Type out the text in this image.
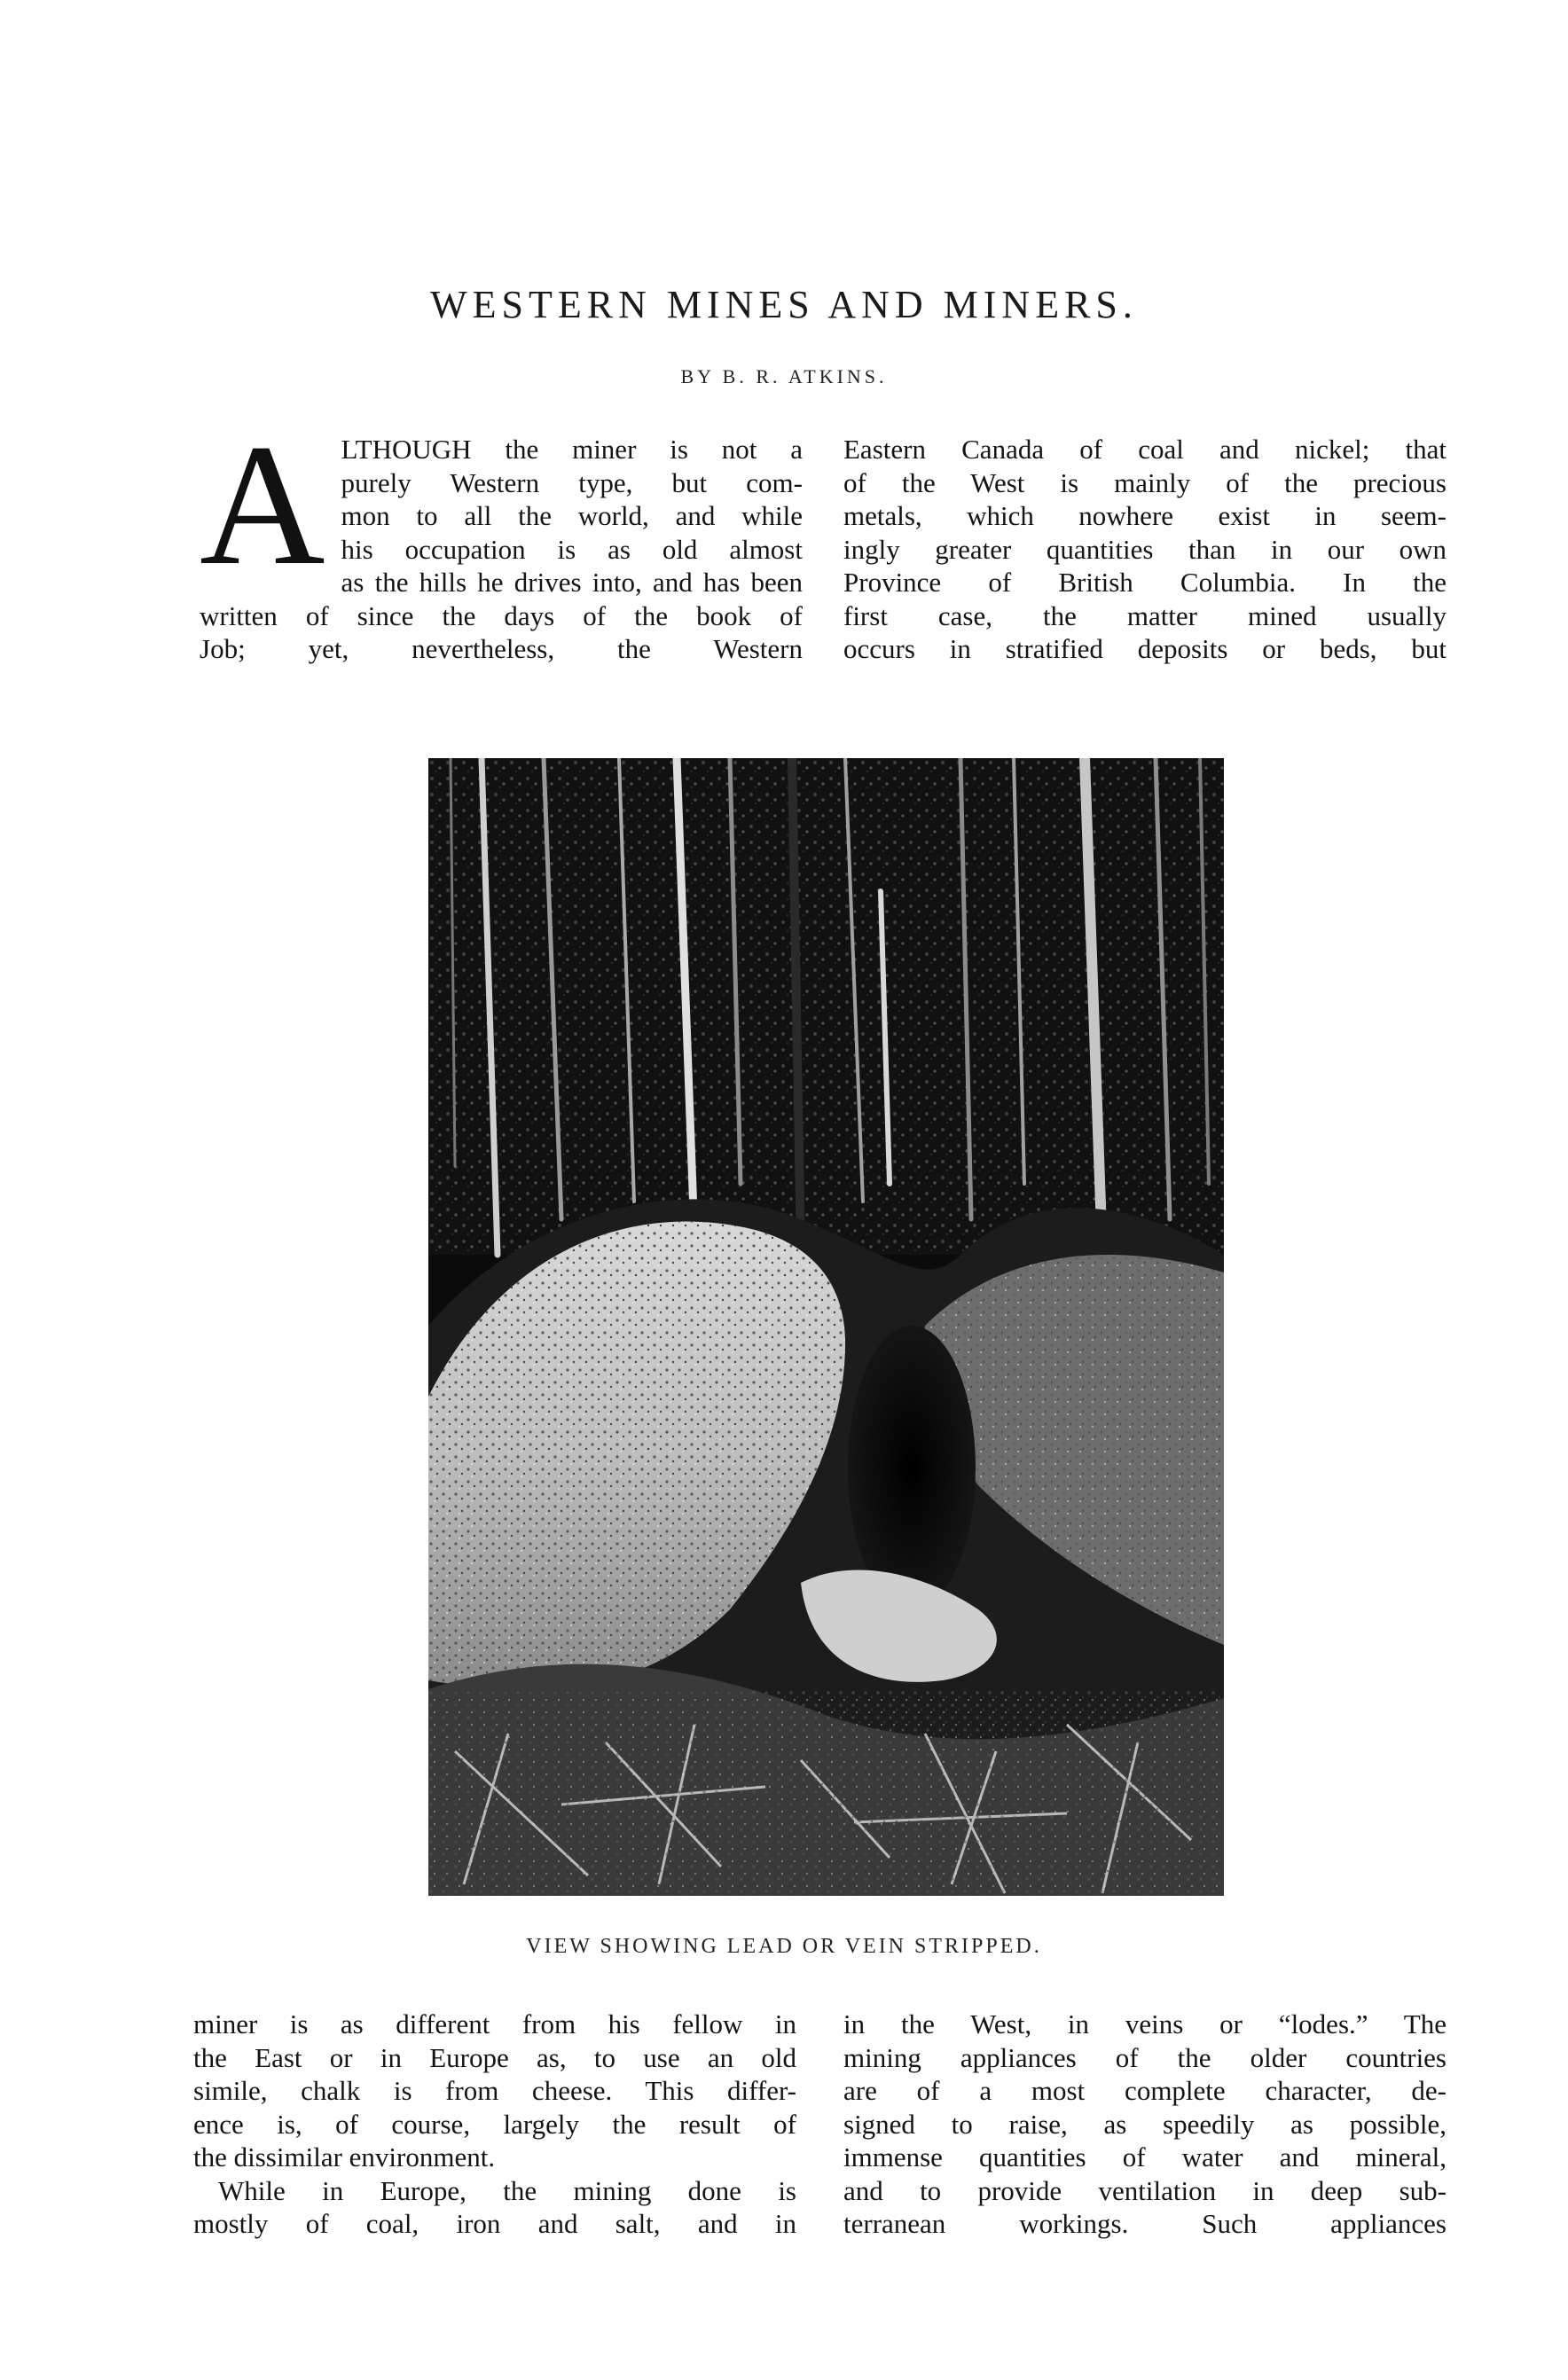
WESTERN MINES AND MINERS.
BY B. R. ATKINS.
A LTHOUGH the miner is not a
purely Western type, but com-
mon to all the world, and while
his occupation is as old almost
as the hills he drives into, and has been
written of since the days of the book of
Job; yet, nevertheless, the Western
Eastern Canada of coal and nickel; that
of the West is mainly of the precious
metals, which nowhere exist in seem-
ingly greater quantities than in our own
Province of British Columbia. In the
first case, the matter mined usually
occurs in stratified deposits or beds, but
VIEW SHOWING LEAD OR VEIN STRIPPED.
miner is as different from his fellow in
the East or in Europe as, to use an old
simile, chalk is from cheese. This differ-
ence is, of course, largely the result of
the dissimilar environment.
While in Europe, the mining done is
mostly of coal, iron and salt, and in
in the West, in veins or “lodes.” The
mining appliances of the older countries
are of a most complete character, de-
signed to raise, as speedily as possible,
immense quantities of water and mineral,
and to provide ventilation in deep sub-
terranean workings. Such appliances
